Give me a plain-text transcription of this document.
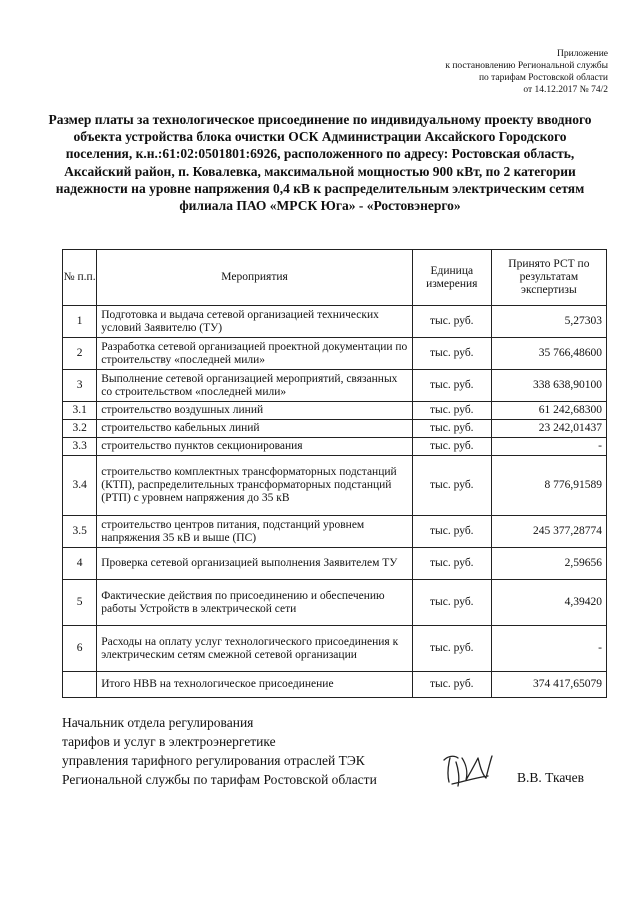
Приложение
к постановлению Региональной службы
по тарифам Ростовской области
от 14.12.2017 № 74/2
Размер платы за технологическое присоединение по индивидуальному проекту вводного объекта устройства блока очистки ОСК Администрации Аксайского Городского поселения, к.н.:61:02:0501801:6926, расположенного по адресу: Ростовская область, Аксайский район, п. Ковалевка, максимальной мощностью 900 кВт, по 2 категории надежности на уровне напряжения 0,4 кВ к распределительным электрическим сетям филиала ПАО «МРСК Юга» - «Ростовэнерго»
№ п.п.	Мероприятия	Единица измерения	Принято РСТ по результатам экспертизы
1	Подготовка и выдача сетевой организацией технических условий Заявителю (ТУ)	тыс. руб.	5,27303
2	Разработка сетевой организацией проектной документации по строительству «последней мили»	тыс. руб.	35 766,48600
3	Выполнение сетевой организацией мероприятий, связанных со строительством «последней мили»	тыс. руб.	338 638,90100
3.1	строительство воздушных линий	тыс. руб.	61 242,68300
3.2	строительство кабельных линий	тыс. руб.	23 242,01437
3.3	строительство пунктов секционирования	тыс. руб.	-
3.4	строительство комплектных трансформаторных подстанций (КТП), распределительных трансформаторных подстанций (РТП) с уровнем напряжения до 35 кВ	тыс. руб.	8 776,91589
3.5	строительство центров питания, подстанций уровнем напряжения 35 кВ и выше (ПС)	тыс. руб.	245 377,28774
4	Проверка сетевой организацией выполнения Заявителем ТУ	тыс. руб.	2,59656
5	Фактические действия по присоединению и обеспечению работы Устройств в электрической сети	тыс. руб.	4,39420
6	Расходы на оплату услуг технологического присоединения к электрическим сетям смежной сетевой организации	тыс. руб.	-
	Итого НВВ на технологическое присоединение	тыс. руб.	374 417,65079
Начальник отдела регулирования
тарифов и услуг в электроэнергетике
управления тарифного регулирования отраслей ТЭК
Региональной службы по тарифам Ростовской области	В.В. Ткачев
